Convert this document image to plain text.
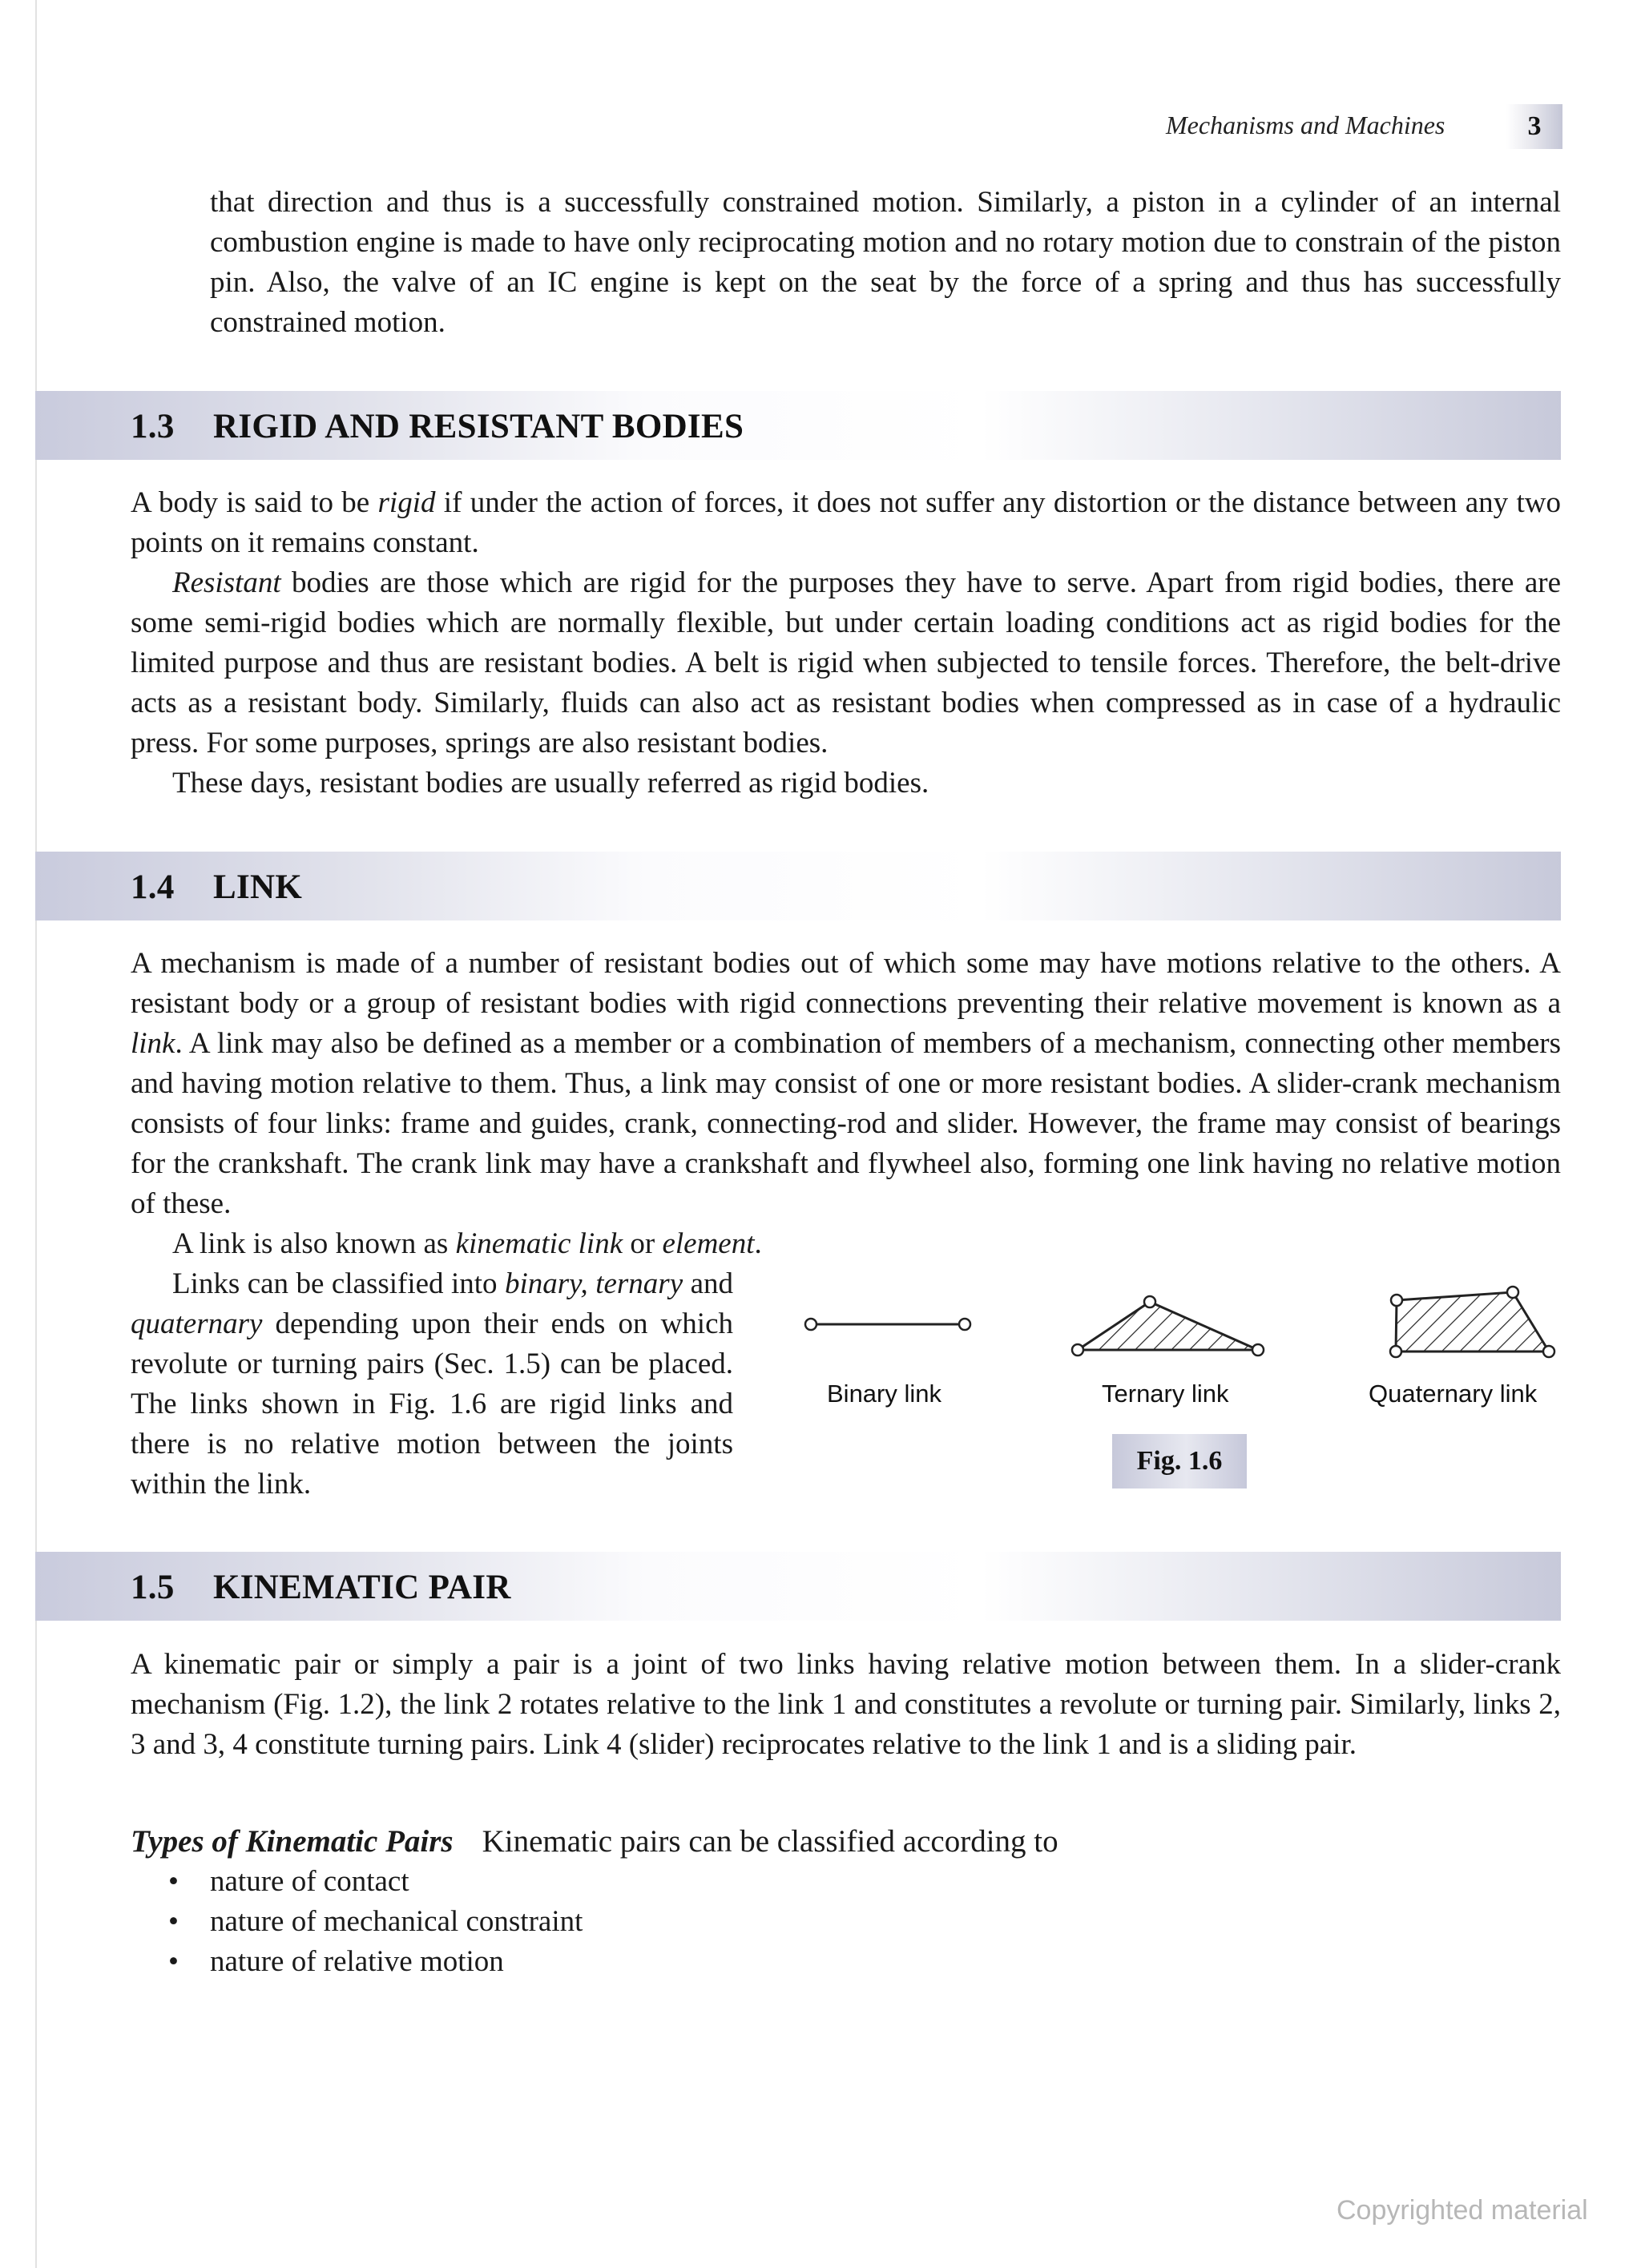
Mechanisms and Machines	3

that direction and thus is a successfully constrained motion. Similarly, a piston in a cylinder of an internal combustion engine is made to have only reciprocating motion and no rotary motion due to constrain of the piston pin. Also, the valve of an IC engine is kept on the seat by the force of a spring and thus has successfully constrained motion.

1.3 RIGID AND RESISTANT BODIES

A body is said to be rigid if under the action of forces, it does not suffer any distortion or the distance between any two points on it remains constant.

Resistant bodies are those which are rigid for the purposes they have to serve. Apart from rigid bodies, there are some semi-rigid bodies which are normally flexible, but under certain loading conditions act as rigid bodies for the limited purpose and thus are resistant bodies. A belt is rigid when subjected to tensile forces. Therefore, the belt-drive acts as a resistant body. Similarly, fluids can also act as resistant bodies when compressed as in case of a hydraulic press. For some purposes, springs are also resistant bodies.

These days, resistant bodies are usually referred as rigid bodies.

1.4 LINK

A mechanism is made of a number of resistant bodies out of which some may have motions relative to the others. A resistant body or a group of resistant bodies with rigid connections preventing their relative movement is known as a link. A link may also be defined as a member or a combination of members of a mechanism, connecting other members and having motion relative to them. Thus, a link may consist of one or more resistant bodies. A slider-crank mechanism consists of four links: frame and guides, crank, connecting-rod and slider. However, the frame may consist of bearings for the crankshaft. The crank link may have a crankshaft and flywheel also, forming one link having no relative motion of these.

A link is also known as kinematic link or element.

Links can be classified into binary, ternary and quaternary depending upon their ends on which revolute or turning pairs (Sec. 1.5) can be placed. The links shown in Fig. 1.6 are rigid links and there is no relative motion between the joints within the link.

Binary link	Ternary link	Quaternary link
Fig. 1.6
1.5 KINEMATIC PAIR

A kinematic pair or simply a pair is a joint of two links having relative motion between them. In a slider-crank mechanism (Fig. 1.2), the link 2 rotates relative to the link 1 and constitutes a revolute or turning pair. Similarly, links 2, 3 and 3, 4 constitute turning pairs. Link 4 (slider) reciprocates relative to the link 1 and is a sliding pair.

Types of Kinematic Pairs Kinematic pairs can be classified according to

• nature of contact
• nature of mechanical constraint
• nature of relative motion
Copyrighted material
